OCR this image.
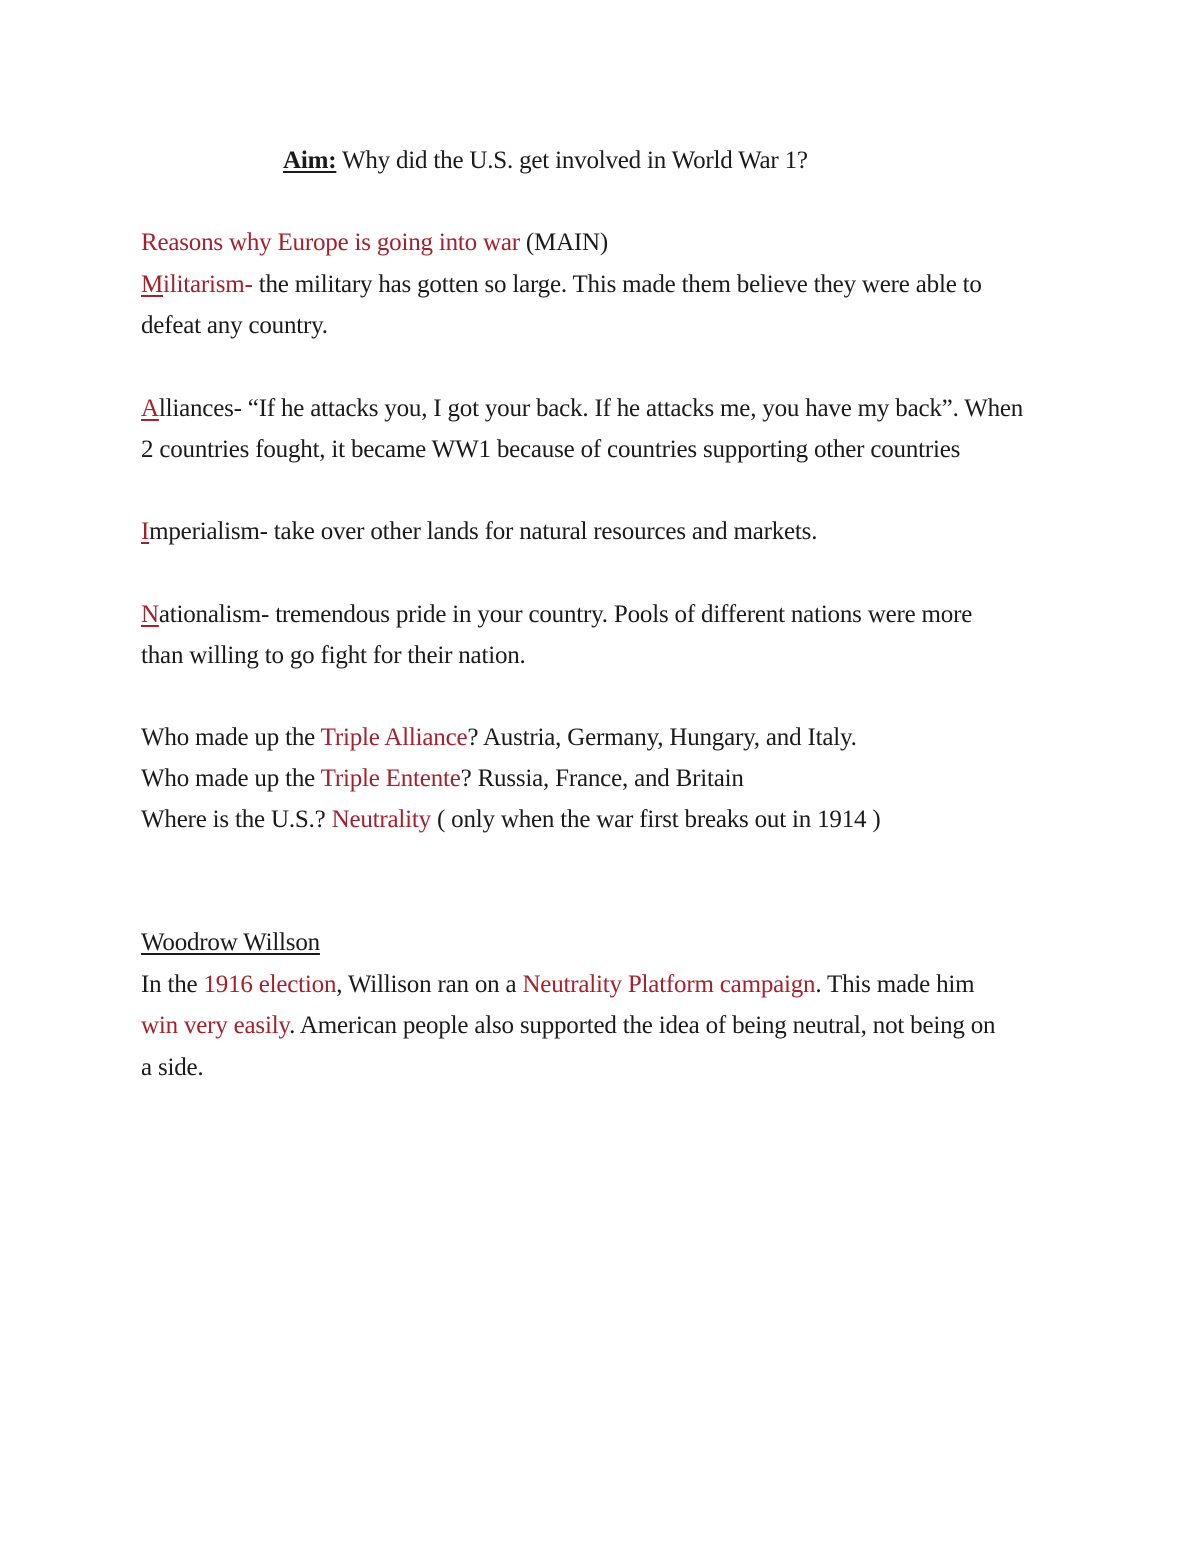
Aim: Why did the U.S. get involved in World War 1?
Reasons why Europe is going into war (MAIN)
Militarism- the military has gotten so large. This made them believe they were able to
defeat any country.
Alliances- “If he attacks you, I got your back. If he attacks me, you have my back”. When
2 countries fought, it became WW1 because of countries supporting other countries
Imperialism- take over other lands for natural resources and markets.
Nationalism- tremendous pride in your country. Pools of different nations were more
than willing to go fight for their nation.
Who made up the Triple Alliance? Austria, Germany, Hungary, and Italy.
Who made up the Triple Entente? Russia, France, and Britain
Where is the U.S.? Neutrality ( only when the war first breaks out in 1914 )
Woodrow Willson
In the 1916 election, Willison ran on a Neutrality Platform campaign. This made him
win very easily. American people also supported the idea of being neutral, not being on
a side.
